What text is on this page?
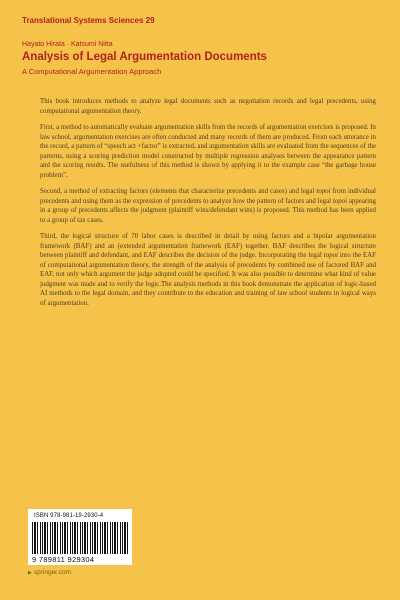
Translational Systems Sciences 29
Hayato Hirata · Katsumi Nitta
Analysis of Legal Argumentation Documents
A Computational Argumentation Approach

This book introduces methods to analyze legal documents such as negotiation records and legal precedents, using computational argumentation theory.

First, a method to automatically evaluate argumentation skills from the records of argumentation exercises is proposed. In law school, argumentation exercises are often conducted and many records of them are produced. From each utterance in the record, a pattern of “speech act +factor” is extracted, and argumentation skills are evaluated from the sequences of the patterns, using a scoring prediction model constructed by multiple regression analyses between the appearance pattern and the scoring results. The usefulness of this method is shown by applying it to the example case “the garbage house problem”.

Second, a method of extracting factors (elements that characterize precedents and cases) and legal topoi from individual precedents and using them as the expression of precedents to analyze how the pattern of factors and legal topoi appearing in a group of precedents affects the judgment (plaintiff wins/defendant wins) is proposed. This method has been applied to a group of tax cases.

Third, the logical structure of 70 labor cases is described in detail by using factors and a bipolar argumentation framework (BAF) and an (extended argumentation framework (EAF) together. BAF describes the logical structure between plaintiff and defendant, and EAF describes the decision of the judge. Incorporating the legal topoi into the EAF of computational argumentation theory, the strength of the analysis of precedents by combined use of factored BAF and EAF, not only which argument the judge adopted could be specified. It was also possible to determine what kind of value judgment was made and to verify the logic.The analysis methods in this book demonstrate the application of logic-based AI methods to the legal domain, and they contribute to the education and training of law school students in logical ways of argumentation.

ISBN 978-981-19-2930-4
9 789811 929304
▶ springer.com
